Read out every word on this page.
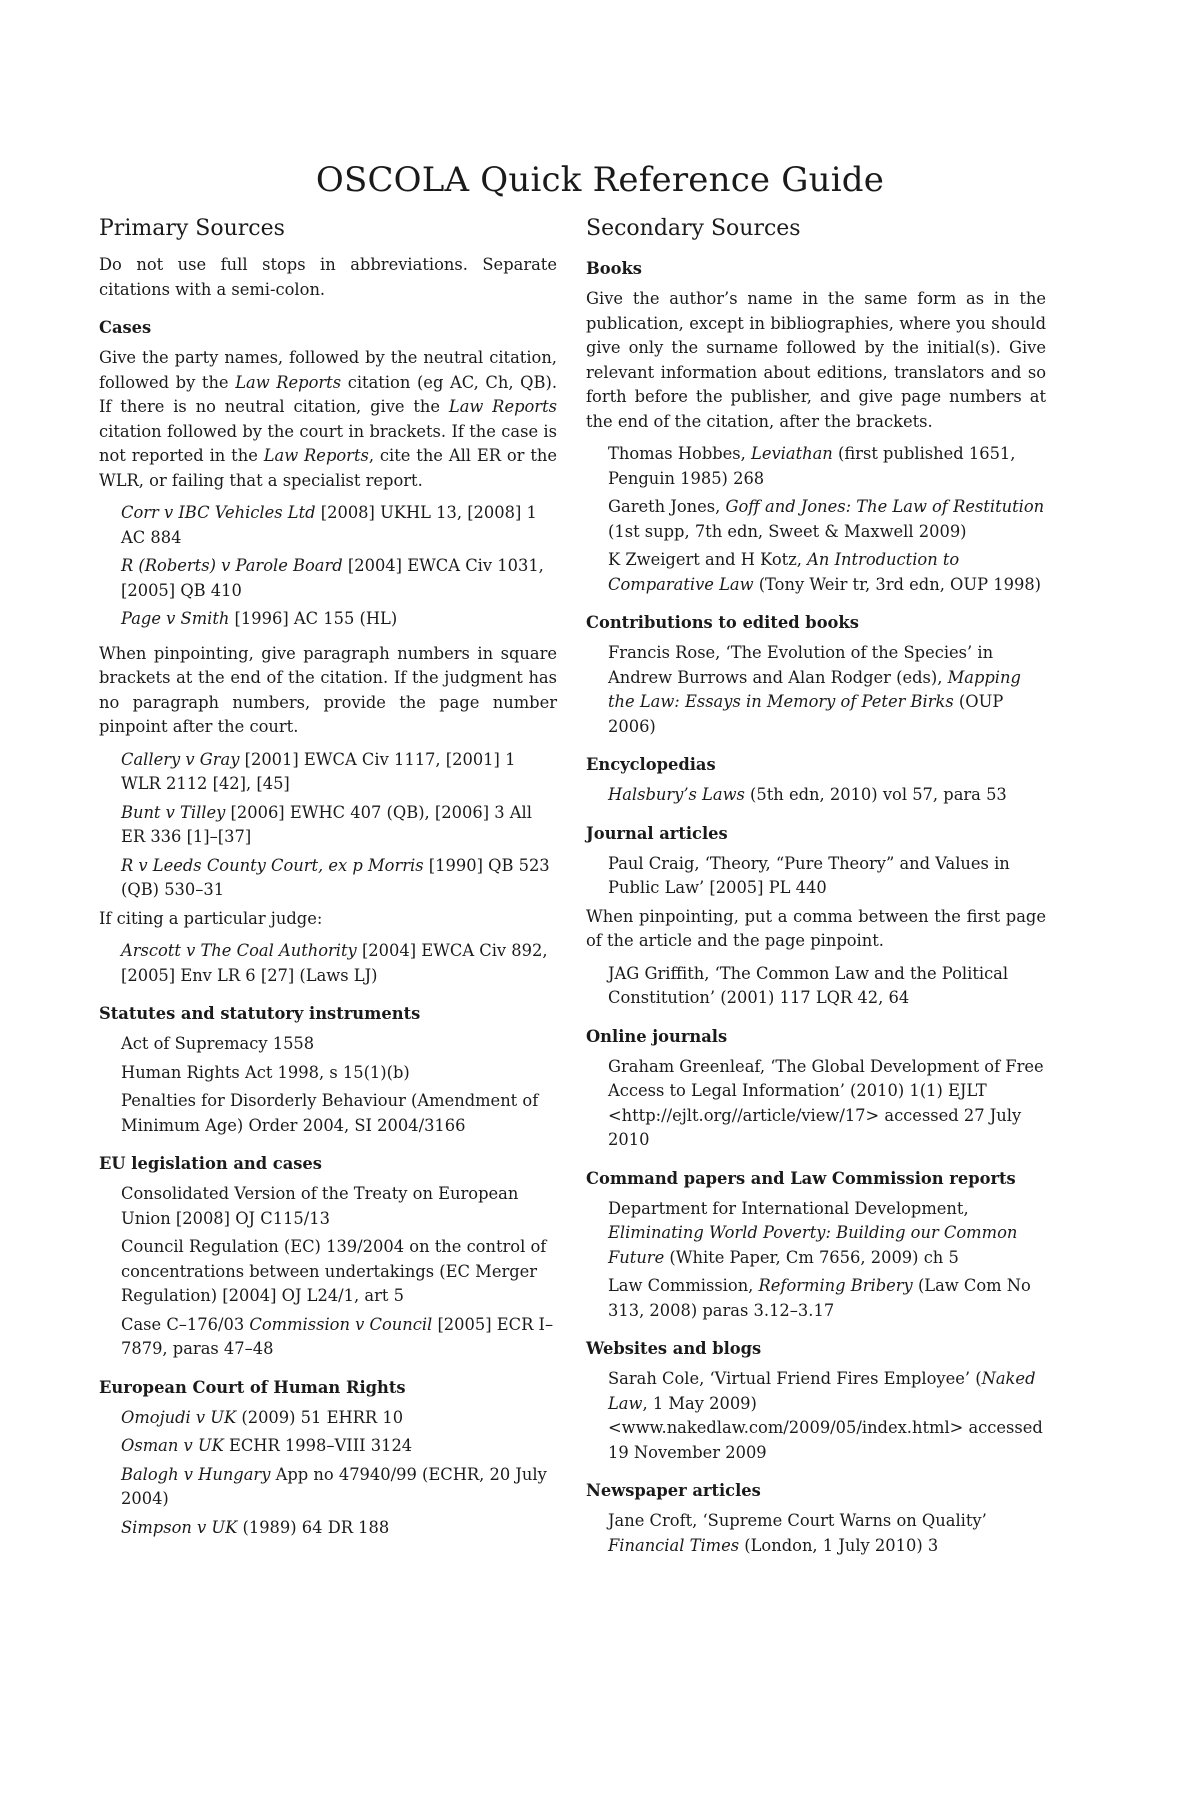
OSCOLA Quick Reference Guide
Primary Sources

Do not use full stops in abbreviations. Separate citations with a semi-colon.

Cases

Give the party names, followed by the neutral citation, followed by the Law Reports citation (eg AC, Ch, QB). If there is no neutral citation, give the Law Reports citation followed by the court in brackets. If the case is not reported in the Law Reports, cite the All ER or the WLR, or failing that a specialist report.

Corr v IBC Vehicles Ltd [2008] UKHL 13, [2008] 1 AC 884
R (Roberts) v Parole Board [2004] EWCA Civ 1031, [2005] QB 410
Page v Smith [1996] AC 155 (HL)

When pinpointing, give paragraph numbers in square brackets at the end of the citation. If the judgment has no paragraph numbers, provide the page number pinpoint after the court.

Callery v Gray [2001] EWCA Civ 1117, [2001] 1 WLR 2112 [42], [45]
Bunt v Tilley [2006] EWHC 407 (QB), [2006] 3 All ER 336 [1]–[37]
R v Leeds County Court, ex p Morris [1990] QB 523 (QB) 530–31

If citing a particular judge:

Arscott v The Coal Authority [2004] EWCA Civ 892, [2005] Env LR 6 [27] (Laws LJ)
Statutes and statutory instruments
Act of Supremacy 1558
Human Rights Act 1998, s 15(1)(b)
Penalties for Disorderly Behaviour (Amendment of Minimum Age) Order 2004, SI 2004/3166
EU legislation and cases
Consolidated Version of the Treaty on European Union [2008] OJ C115/13
Council Regulation (EC) 139/2004 on the control of concentrations between undertakings (EC Merger Regulation) [2004] OJ L24/1, art 5
Case C–176/03 Commission v Council [2005] ECR I–7879, paras 47–48
European Court of Human Rights
Omojudi v UK (2009) 51 EHRR 10
Osman v UK ECHR 1998–VIII 3124
Balogh v Hungary App no 47940/99 (ECHR, 20 July 2004)
Simpson v UK (1989) 64 DR 188
Secondary Sources
Books

Give the author’s name in the same form as in the publication, except in bibliographies, where you should give only the surname followed by the initial(s). Give relevant information about editions, translators and so forth before the publisher, and give page numbers at the end of the citation, after the brackets.

Thomas Hobbes, Leviathan (first published 1651, Penguin 1985) 268
Gareth Jones, Goff and Jones: The Law of Restitution (1st supp, 7th edn, Sweet & Maxwell 2009)
K Zweigert and H Kotz, An Introduction to Comparative Law (Tony Weir tr, 3rd edn, OUP 1998)
Contributions to edited books
Francis Rose, ‘The Evolution of the Species’ in Andrew Burrows and Alan Rodger (eds), Mapping the Law: Essays in Memory of Peter Birks (OUP 2006)
Encyclopedias
Halsbury’s Laws (5th edn, 2010) vol 57, para 53
Journal articles
Paul Craig, ‘Theory, “Pure Theory” and Values in Public Law’ [2005] PL 440

When pinpointing, put a comma between the first page of the article and the page pinpoint.

JAG Griffith, ‘The Common Law and the Political Constitution’ (2001) 117 LQR 42, 64
Online journals
Graham Greenleaf, ‘The Global Development of Free Access to Legal Information’ (2010) 1(1) EJLT <http://ejlt.org//article/view/17> accessed 27 July 2010
Command papers and Law Commission reports
Department for International Development, Eliminating World Poverty: Building our Common Future (White Paper, Cm 7656, 2009) ch 5
Law Commission, Reforming Bribery (Law Com No 313, 2008) paras 3.12–3.17
Websites and blogs
Sarah Cole, ‘Virtual Friend Fires Employee’ (Naked Law, 1 May 2009) <www.nakedlaw.com/2009/05/index.html> accessed 19 November 2009
Newspaper articles
Jane Croft, ‘Supreme Court Warns on Quality’ Financial Times (London, 1 July 2010) 3
